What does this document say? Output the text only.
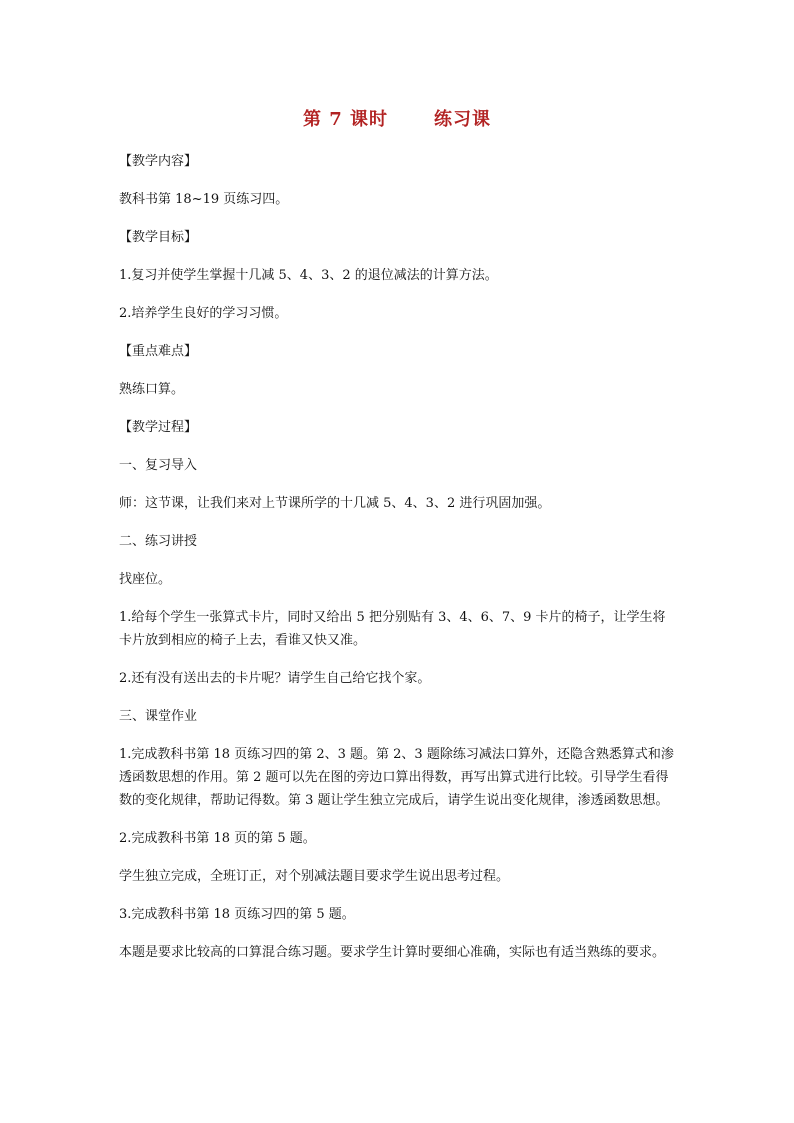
第 7 课时	练习课

【教学内容】

教科书第 18~19 页练习四。

【教学目标】

1.复习并使学生掌握十几减 5、4、3、2 的退位减法的计算方法。

2.培养学生良好的学习习惯。

【重点难点】

熟练口算。

【教学过程】

一、复习导入

师：这节课，让我们来对上节课所学的十几减 5、4、3、2 进行巩固加强。

二、练习讲授

找座位。

1.给每个学生一张算式卡片，同时又给出 5 把分别贴有 3、4、6、7、9 卡片的椅子，让学生将卡片放到相应的椅子上去，看谁又快又准。

2.还有没有送出去的卡片呢？请学生自己给它找个家。

三、课堂作业

1.完成教科书第 18 页练习四的第 2、3 题。第 2、3 题除练习减法口算外，还隐含熟悉算式和渗透函数思想的作用。第 2 题可以先在图的旁边口算出得数，再写出算式进行比较。引导学生看得数的变化规律，帮助记得数。第 3 题让学生独立完成后，请学生说出变化规律，渗透函数思想。

2.完成教科书第 18 页的第 5 题。

学生独立完成，全班订正，对个别减法题目要求学生说出思考过程。

3.完成教科书第 18 页练习四的第 5 题。

本题是要求比较高的口算混合练习题。要求学生计算时要细心准确，实际也有适当熟练的要求。
